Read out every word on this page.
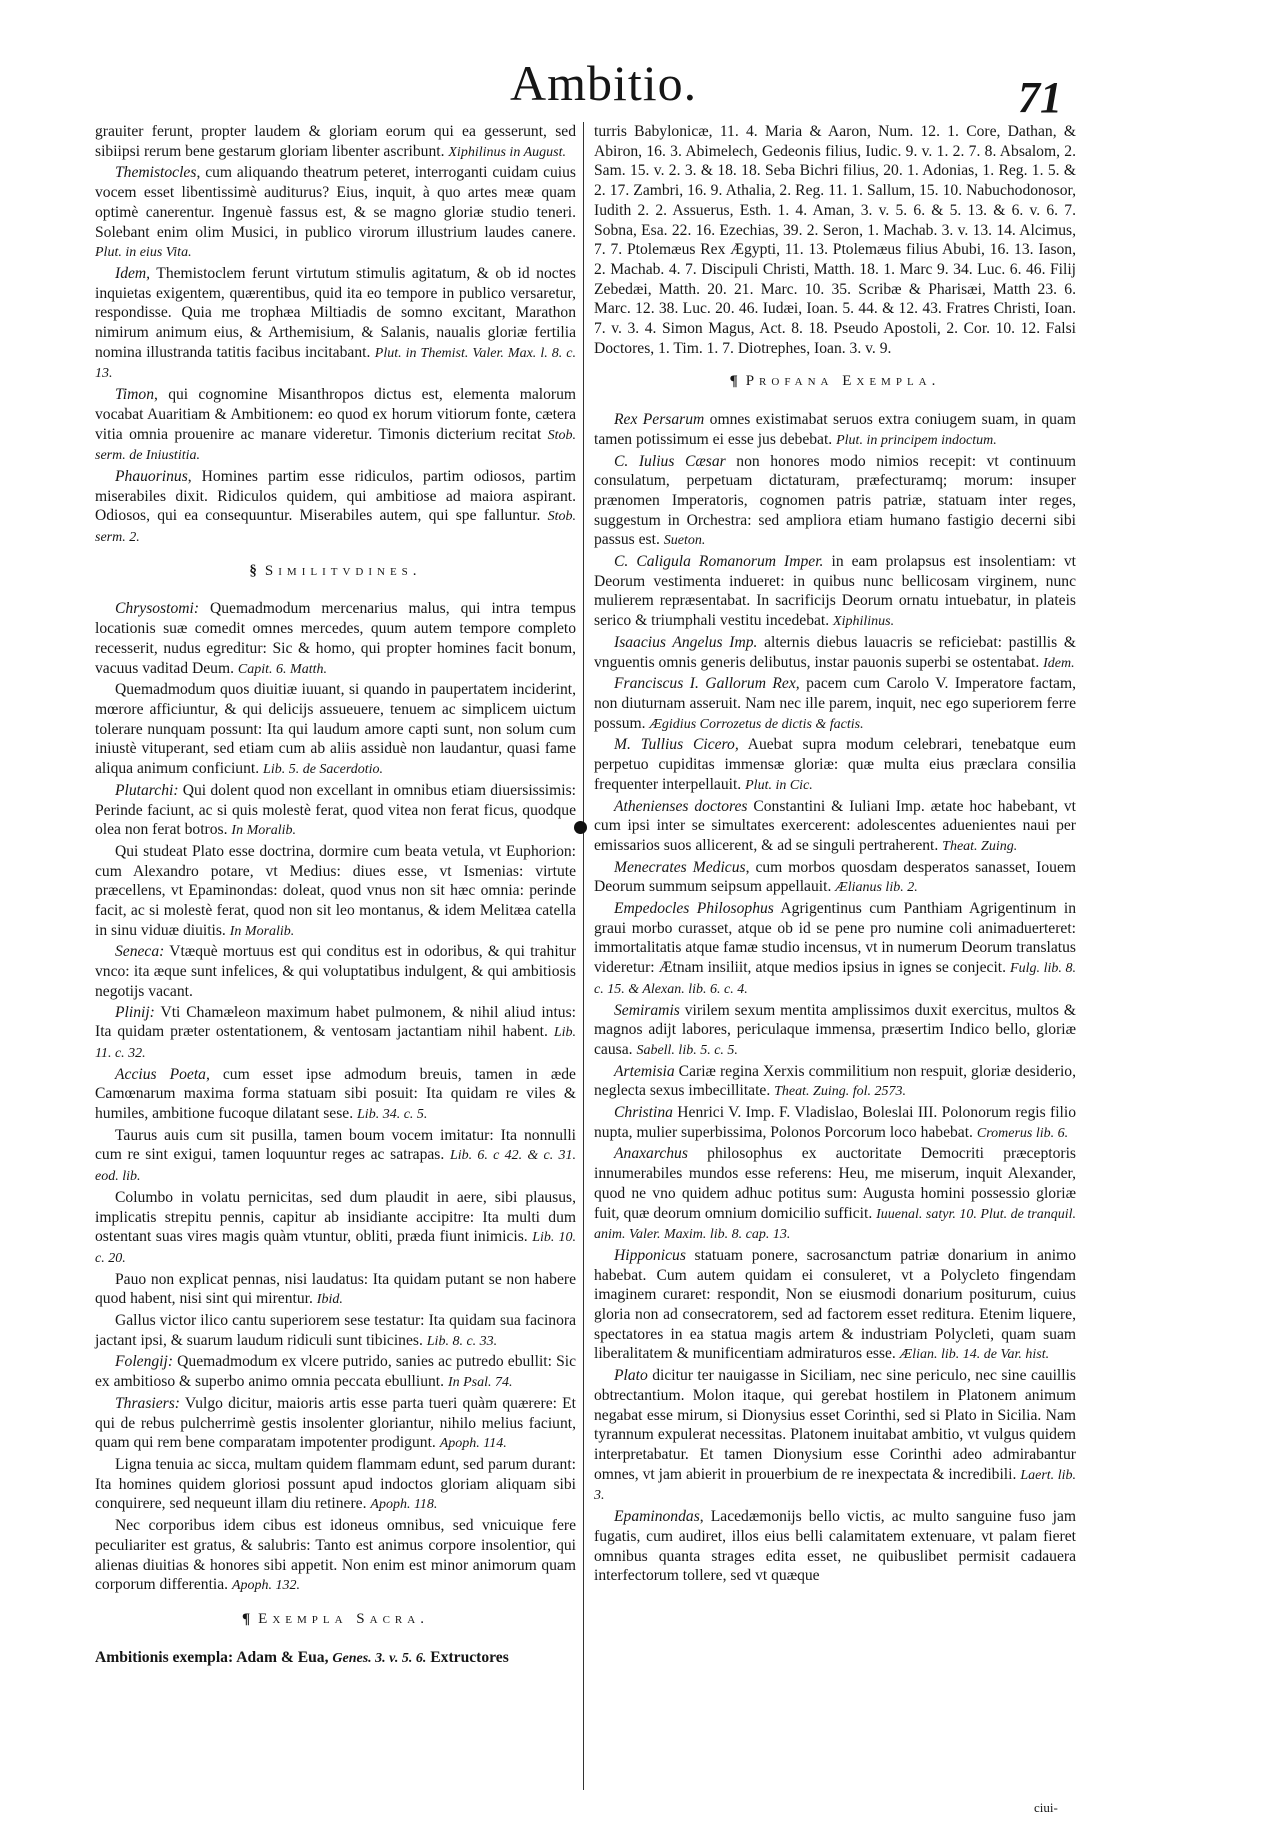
Ambitio.	71

grauiter ferunt, propter laudem & gloriam eorum qui ea gesserunt, sed sibiipsi rerum bene gestarum gloriam libenter ascribunt. Xiphilinus in August.

Themistocles, cum aliquando theatrum peteret, interroganti cuidam cuius vocem esset libentissimè auditurus? Eius, inquit, à quo artes meæ quam optimè canerentur. Ingenuè fassus est, & se magno gloriæ studio teneri. Solebant enim olim Musici, in publico virorum illustrium laudes canere. Plut. in eius Vita.

Idem, Themistoclem ferunt virtutum stimulis agitatum, & ob id noctes inquietas exigentem, quærentibus, quid ita eo tempore in publico versaretur, respondisse. Quia me trophæa Miltiadis de somno excitant, Marathon nimirum animum eius, & Arthemisium, & Salanis, naualis gloriæ fertilia nomina illustranda tatitis facibus incitabant. Plut. in Themist. Valer. Max. l. 8. c. 13.

Timon, qui cognomine Misanthropos dictus est, elementa malorum vocabat Auaritiam & Ambitionem: eo quod ex horum vitiorum fonte, cætera vitia omnia prouenire ac manare videretur. Timonis dicterium recitat Stob. serm. de Iniustitia.

Phauorinus, Homines partim esse ridiculos, partim odiosos, partim miserabiles dixit. Ridiculos quidem, qui ambitiose ad maiora aspirant. Odiosos, qui ea consequuntur. Miserabiles autem, qui spe falluntur. Stob. serm. 2.

§ Similitvdines.

Chrysostomi: Quemadmodum mercenarius malus, qui intra tempus locationis suæ comedit omnes mercedes, quum autem tempore completo recesserit, nudus egreditur: Sic & homo, qui propter homines facit bonum, vacuus vaditad Deum. Capit. 6. Matth.

Quemadmodum quos diuitiæ iuuant, si quando in paupertatem inciderint, mœrore afficiuntur, & qui delicijs assueuere, tenuem ac simplicem uictum tolerare nunquam possunt: Ita qui laudum amore capti sunt, non solum cum iniustè vituperant, sed etiam cum ab aliis assiduè non laudantur, quasi fame aliqua animum conficiunt. Lib. 5. de Sacerdotio.

Plutarchi: Qui dolent quod non excellant in omnibus etiam diuersissimis: Perinde faciunt, ac si quis molestè ferat, quod vitea non ferat ficus, quodque olea non ferat botros. In Moralib.

Qui studeat Plato esse doctrina, dormire cum beata vetula, vt Euphorion: cum Alexandro potare, vt Medius: diues esse, vt Ismenias: virtute præcellens, vt Epaminondas: doleat, quod vnus non sit hæc omnia: perinde facit, ac si molestè ferat, quod non sit leo montanus, & idem Melitæa catella in sinu viduæ diuitis. In Moralib.

Seneca: Vtæquè mortuus est qui conditus est in odoribus, & qui trahitur vnco: ita æque sunt infelices, & qui voluptatibus indulgent, & qui ambitiosis negotijs vacant.

Plinij: Vti Chamæleon maximum habet pulmonem, & nihil aliud intus: Ita quidam præter ostentationem, & ventosam jactantiam nihil habent. Lib. 11. c. 32.

Accius Poeta, cum esset ipse admodum breuis, tamen in æde Camœnarum maxima forma statuam sibi posuit: Ita quidam re viles & humiles, ambitione fucoque dilatant sese. Lib. 34. c. 5.

Taurus auis cum sit pusilla, tamen boum vocem imitatur: Ita nonnulli cum re sint exigui, tamen loquuntur reges ac satrapas. Lib. 6. c 42. & c. 31. eod. lib.

Columbo in volatu pernicitas, sed dum plaudit in aere, sibi plausus, implicatis strepitu pennis, capitur ab insidiante accipitre: Ita multi dum ostentant suas vires magis quàm vtuntur, obliti, præda fiunt inimicis. Lib. 10. c. 20.

Pauo non explicat pennas, nisi laudatus: Ita quidam putant se non habere quod habent, nisi sint qui mirentur. Ibid.

Gallus victor ilico cantu superiorem sese testatur: Ita quidam sua facinora jactant ipsi, & suarum laudum ridiculi sunt tibicines. Lib. 8. c. 33.

Folengij: Quemadmodum ex vlcere putrido, sanies ac putredo ebullit: Sic ex ambitioso & superbo animo omnia peccata ebulliunt. In Psal. 74.

Thrasiers: Vulgo dicitur, maioris artis esse parta tueri quàm quærere: Et qui de rebus pulcherrimè gestis insolenter gloriantur, nihilo melius faciunt, quam qui rem bene comparatam impotenter prodigunt. Apoph. 114.

Ligna tenuia ac sicca, multam quidem flammam edunt, sed parum durant: Ita homines quidem gloriosi possunt apud indoctos gloriam aliquam sibi conquirere, sed nequeunt illam diu retinere. Apoph. 118.

Nec corporibus idem cibus est idoneus omnibus, sed vnicuique fere peculiariter est gratus, & salubris: Tanto est animus corpore insolentior, qui alienas diuitias & honores sibi appetit. Non enim est minor animorum quam corporum differentia. Apoph. 132.

¶ Exempla Sacra.

Ambitionis exempla: Adam & Eua, Genes. 3. v. 5. 6. Extructores

turris Babylonicæ, 11. 4. Maria & Aaron, Num. 12. 1. Core, Dathan, & Abiron, 16. 3. Abimelech, Gedeonis filius, Iudic. 9. v. 1. 2. 7. 8. Absalom, 2. Sam. 15. v. 2. 3. & 18. 18. Seba Bichri filius, 20. 1. Adonias, 1. Reg. 1. 5. & 2. 17. Zambri, 16. 9. Athalia, 2. Reg. 11. 1. Sallum, 15. 10. Nabuchodonosor, Iudith 2. 2. Assuerus, Esth. 1. 4. Aman, 3. v. 5. 6. & 5. 13. & 6. v. 6. 7. Sobna, Esa. 22. 16. Ezechias, 39. 2. Seron, 1. Machab. 3. v. 13. 14. Alcimus, 7. 7. Ptolemæus Rex Ægypti, 11. 13. Ptolemæus filius Abubi, 16. 13. Iason, 2. Machab. 4. 7. Discipuli Christi, Matth. 18. 1. Marc 9. 34. Luc. 6. 46. Filij Zebedæi, Matth. 20. 21. Marc. 10. 35. Scribæ & Pharisæi, Matth 23. 6. Marc. 12. 38. Luc. 20. 46. Iudæi, Ioan. 5. 44. & 12. 43. Fratres Christi, Ioan. 7. v. 3. 4. Simon Magus, Act. 8. 18. Pseudo Apostoli, 2. Cor. 10. 12. Falsi Doctores, 1. Tim. 1. 7. Diotrephes, Ioan. 3. v. 9.

¶ Profana Exempla.

Rex Persarum omnes existimabat seruos extra coniugem suam, in quam tamen potissimum ei esse jus debebat. Plut. in principem indoctum.

C. Iulius Cæsar non honores modo nimios recepit: vt continuum consulatum, perpetuam dictaturam, præfecturamq; morum: insuper prænomen Imperatoris, cognomen patris patriæ, statuam inter reges, suggestum in Orchestra: sed ampliora etiam humano fastigio decerni sibi passus est. Sueton.

C. Caligula Romanorum Imper. in eam prolapsus est insolentiam: vt Deorum vestimenta indueret: in quibus nunc bellicosam virginem, nunc mulierem repræsentabat. In sacrificijs Deorum ornatu intuebatur, in plateis serico & triumphali vestitu incedebat. Xiphilinus.

Isaacius Angelus Imp. alternis diebus lauacris se reficiebat: pastillis & vnguentis omnis generis delibutus, instar pauonis superbi se ostentabat. Idem.

Franciscus I. Gallorum Rex, pacem cum Carolo V. Imperatore factam, non diuturnam asseruit. Nam nec ille parem, inquit, nec ego superiorem ferre possum. Ægidius Corrozetus de dictis & factis.

M. Tullius Cicero, Auebat supra modum celebrari, tenebatque eum perpetuo cupiditas immensæ gloriæ: quæ multa eius præclara consilia frequenter interpellauit. Plut. in Cic.

Athenienses doctores Constantini & Iuliani Imp. ætate hoc habebant, vt cum ipsi inter se simultates exercerent: adolescentes aduenientes naui per emissarios suos allicerent, & ad se singuli pertraherent. Theat. Zuing.

Menecrates Medicus, cum morbos quosdam desperatos sanasset, Iouem Deorum summum seipsum appellauit. Ælianus lib. 2.

Empedocles Philosophus Agrigentinus cum Panthiam Agrigentinum in graui morbo curasset, atque ob id se pene pro numine coli animaduerteret: immortalitatis atque famæ studio incensus, vt in numerum Deorum translatus videretur: Ætnam insiliit, atque medios ipsius in ignes se conjecit. Fulg. lib. 8. c. 15. & Alexan. lib. 6. c. 4.

Semiramis virilem sexum mentita amplissimos duxit exercitus, multos & magnos adijt labores, periculaque immensa, præsertim Indico bello, gloriæ causa. Sabell. lib. 5. c. 5.

Artemisia Cariæ regina Xerxis commilitium non respuit, gloriæ desiderio, neglecta sexus imbecillitate. Theat. Zuing. fol. 2573.

Christina Henrici V. Imp. F. Vladislao, Boleslai III. Polonorum regis filio nupta, mulier superbissima, Polonos Porcorum loco habebat. Cromerus lib. 6.

Anaxarchus philosophus ex auctoritate Democriti præceptoris innumerabiles mundos esse referens: Heu, me miserum, inquit Alexander, quod ne vno quidem adhuc potitus sum: Augusta homini possessio gloriæ fuit, quæ deorum omnium domicilio sufficit. Iuuenal. satyr. 10. Plut. de tranquil. anim. Valer. Maxim. lib. 8. cap. 13.

Hipponicus statuam ponere, sacrosanctum patriæ donarium in animo habebat. Cum autem quidam ei consuleret, vt a Polycleto fingendam imaginem curaret: respondit, Non se eiusmodi donarium positurum, cuius gloria non ad consecratorem, sed ad factorem esset reditura. Etenim liquere, spectatores in ea statua magis artem & industriam Polycleti, quam suam liberalitatem & munificentiam admiraturos esse. Ælian. lib. 14. de Var. hist.

Plato dicitur ter nauigasse in Siciliam, nec sine periculo, nec sine cauillis obtrectantium. Molon itaque, qui gerebat hostilem in Platonem animum negabat esse mirum, si Dionysius esset Corinthi, sed si Plato in Sicilia. Nam tyrannum expulerat necessitas. Platonem inuitabat ambitio, vt vulgus quidem interpretabatur. Et tamen Dionysium esse Corinthi adeo admirabantur omnes, vt jam abierit in prouerbium de re inexpectata & incredibili. Laert. lib. 3.

Epaminondas, Lacedæmonijs bello victis, ac multo sanguine fuso jam fugatis, cum audiret, illos eius belli calamitatem extenuare, vt palam fieret omnibus quanta strages edita esset, ne quibuslibet permisit cadauera interfectorum tollere, sed vt quæque

ciui-
